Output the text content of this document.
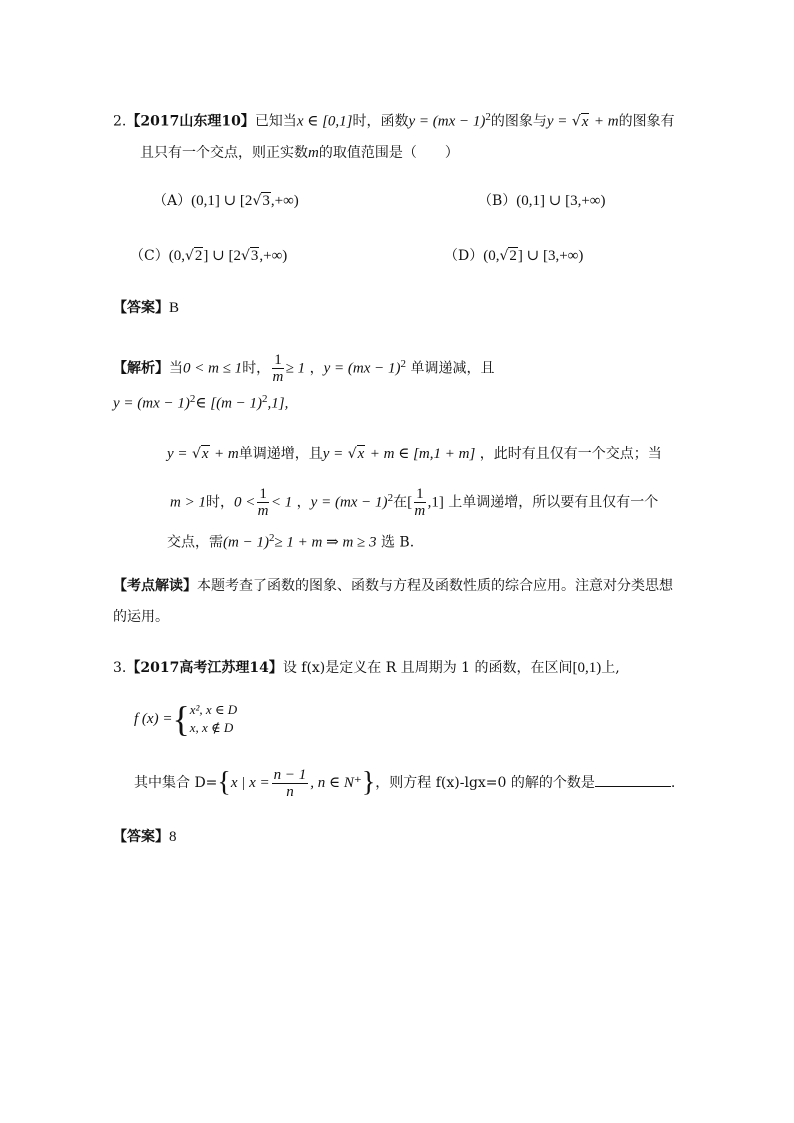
2.【2017山东理10】已知当x ∈ [0,1]时，函数y = (mx − 1)$^2$的图象与y = √x + m的图象有
且只有一个交点，则正实数m的取值范围是（　　）
（A）(0,1] ∪ [2√3,+∞)	（B）(0,1] ∪ [3,+∞)
（C）(0,√2] ∪ [2√3,+∞)	（D）(0,√2] ∪ [3,+∞)
【答案】B
【解析】当0 < m ≤ 1时， $\frac{1}{m} \ge 1$ ，y = (mx − 1)$^2$ 单调递减，且
y = (mx − 1)$^2$∈ $[(m - 1)^2,1]$,
y = √x + m单调递增，且y = √x + m ∈ [m,1 + m] ，此时有且仅有一个交点；当
m > 1时，$0 < \frac{1}{m} < 1$ ，y = (mx − 1)$^2$在[ $\frac{1}{m} ,1$] 上单调递增，所以要有且仅有一个
交点，需$(m - 1)^2\ge 1 + m$ ⇒ m ≥ 3 选 B.
【考点解读】本题考查了函数的图象、函数与方程及函数性质的综合应用。注意对分类思想
的运用。
3.【2017高考江苏理14】设 f(x)是定义在 R 且周期为 1 的函数，在区间[0,1)上,
f (x) ={ x², x ∈ D
x, x ∉ D
其中集合 D={x | $x = \frac{n - 1}{n}$ , n ∈ N⁺}，则方程 f(x)-lgx=0 的解的个数是	.
【答案】8
